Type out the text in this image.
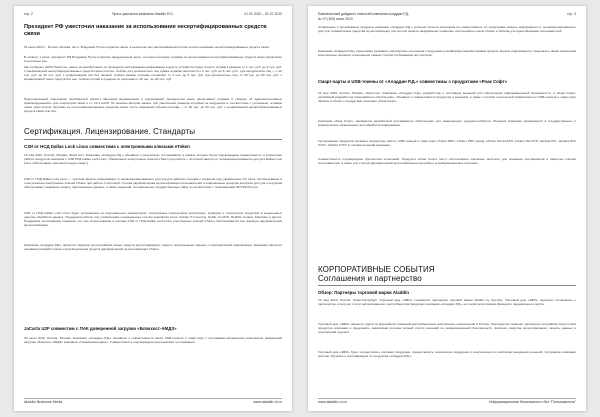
стр. 2	Пресс-рассылка компании Aladdin R.D.	01.01.2010 – 01.07.2010
Президент РФ ужесточил наказание за использование несертифицированных средств связи
01 июля 2010 г., Россия, Москва, ria.ru. Владимир Путин подписал закон, в несколько раз увеличивающий штраф за использование несертифицированных средств связи.
В четверг, 1 июня, президент РФ Владимир Путин подписал федеральный закон, согласно которому штрафы за использование несертифицированных средств связи увеличатся в несколько раз.
Как сообщает «РИА Новости», ранее за приобретение её проводили сертификацию информации в другое устройство будет грозить штраф в размере от 1 тыс. руб. до 3 тыс. руб. с конфискацией несертифицированных средств связи или без. Сейчас для должностных лиц сумма штрафа увеличится с 2 тыс. руб. до 5 тыс. руб., для юридических лиц — с 10 тыс. руб. до 30 тыс. руб. с конфискацией или без таковой. Сейчас размер штрафа составляет от 3 тыс. до 5 тыс. руб. для должностных лиц, от 40 тыс. до 60 тыс. руб. с конфискацией таких средств без нее. Сейчас штраф в среднем по регионам от 30 тыс. до 40 тыс. руб.
Подготовленный советником Челябинской области Евгением Шуракшиным и подписанный президентом закон увеличивает штрафы в «Кодекс об административных правонарушениях» для операторов связи и ст. 13.4 КоАП. По мнению авторов закона, при увеличении размера штрафов за нарушения в соответствии с уголовным, штрафы также ужесточатся. Штрафы за несертифицированные средства связи после изменения объема штрафа — от 40 тыс. до 60 тыс. руб. с конфискацией несертифицированных средств связи или без.
Сертификация. Лицензирование. Стандарты
СЗИ от НСД Dallas Lock Linux совместима с электронными ключами eToken
16 мая 2010, Россия, Москва, ubiubi.com. Компания «Аладдин Р.Д.» объявила о результатах тестирования, в рамках которых была подтверждена совместимость и корректная работа продуктов компании с СЗИ НСД Dallas Lock Linux. Применение электронных ключей eToken при работе с системой защиты от несанкционированного доступа Dallas Lock Linux обеспечивает дополнительную защиту.
СЗИ от НСД Dallas Lock Linux — система защиты информации от несанкционированного доступа для рабочих станций и серверов под управлением ОС Linux. Использование в этом решении электронных ключей eToken при работе с системой, строгая двухфакторная аутентификация пользователей и современные средства контроля доступа к ресурсам обеспечивают надёжную защиту персональных данных, а также сведений, составляющих государственную тайну, в соответствии с требованиями ФСТЭК России.
СЗИ от НСД Dallas Lock Linux будет установлена на персональных компьютерах, портативных компьютерах (ноутбуках), серверах и технических средствах в выделенных центрах обработки данных. Поддержка работы под управлением операционных систем семейства Linux: Debian 5.0 (Lenny), SuSE, CentOS, RedHat, Fedora, Mandriva и других. Поддержка тестирования показала, что при использовании в составе СЗИ от НСД Dallas Lock Linux электронных ключей eToken обеспечиваются все функции двухфакторной аутентификации.
Компания «Аладдин Р.Д.» является лидером на российском рынке средств аутентификации, защиты персональных данных и корпоративной информации. Компания является основным разработчиком и производителем средств двухфакторной аутентификации eToken.
JaCarta U2F совместим с ПАК доверенной загрузки «Блокхост-АМДЗ»
30 июня 2010, Россия, Москва. Компания «Аладдин Р.Д.» объявила о совместимости своих USB-токенов и смарт-карт с программно-аппаратным комплексом доверенной загрузки «Блокхост-АМДЗ» компании «Газинформсервис». Совместимость подтверждена результатами тестирования.
Aladdin Business Media	www.aladdin-rd.ru
Ежемесячный дайджест новостей компании Аладдин Р.Д.
№ 07 (100) июль 2010
стр. 3
Аппаратные и программные продукты компании «Аладдин Р.Д.» успешно прошли испытания на совместимость со средствами защиты информации от несанкционированного доступа. Совместимые средства аутентификации для систем защиты информации позволяют использовать ключи eToken и JaCarta для идентификации пользователей.
Компания «Аладдин Р.Д.» продолжает развивать партнерские отношения с ведущими российскими разработчиками средств защиты информации и предлагать своим заказчикам комплексные решения, отвечающие самым строгим требованиям регуляторов.
Смарт-карты и USB-токены от «Аладдин Р.Д.» совместимы с продуктами «Рэак Софт»
24 мая 2010, Россия, Москва, ubiubi.com. Компания «Аладдин Р.Д.» разработчик и поставщик решений для обеспечения информационной безопасности, и «Рэак Софт» российский разработчик программного обеспечения, объявили о совместимости продуктов и решений, а также о полной технической совместимости USB-токенов и смарт-карт JaCarta и eToken с продуктами компании «Рэак Софт».
Компания «Рэак Софт» занимается разработкой программного обеспечения для защищённого документооборота. Решения компании применяются в государственных и коммерческих организациях для обработки информации.
Тестирование продуктов показало корректную работу USB-токенов и смарт-карт eToken PRO, eToken PRO (Java), eToken NG-FLASH, eToken NG-OTP, JaCarta PKI, JaCarta PKI/ГОСТ, JaCarta ГОСТ в составе решений компании.
Совместимость подтверждена протоколом испытаний. Продукты «Рэак Софт» могут использовать ключевые носители для хранения сертификатов и закрытых ключей пользователей, а также для строгой двухфакторной аутентификации при работе в информационных системах.
КОРПОРАТИВНЫЕ СОБЫТИЯ
Соглашения и партнерство
Обзор: Партнеры торговой марки Aladdin
10 мая 2010, Россия, Санкт-Петербург. Торговый дом «ЭФО» становится партнёром торговой марки Aladdin by Security. Торговый дом «ЭФО» подписал соглашение о партнёрстве и получил статус авторизованного дистрибьютора продукции компании «Аладдин Р.Д.» на территории Северо-Западного федерального округа.
Торговый дом «ЭФО» является одной из крупнейших компаний-дистрибьюторов электронных компонентов в России. Партнерство позволит расширить географию присутствия продуктов компании и предложить заказчикам региона полный спектр решений по информационной безопасности, включая средства аутентификации, защиты данных и электронной подписи.
Торговый дом «ЭФО» будет осуществлять поставки продукции, предоставлять техническую поддержку и консультации по вопросам внедрения решений. Сотрудники компании прошли обучение и сертификацию по продуктам «Аладдин Р.Д.».
www.aladdin-rd.ru	Информационная безопасность без "Пользователь"
